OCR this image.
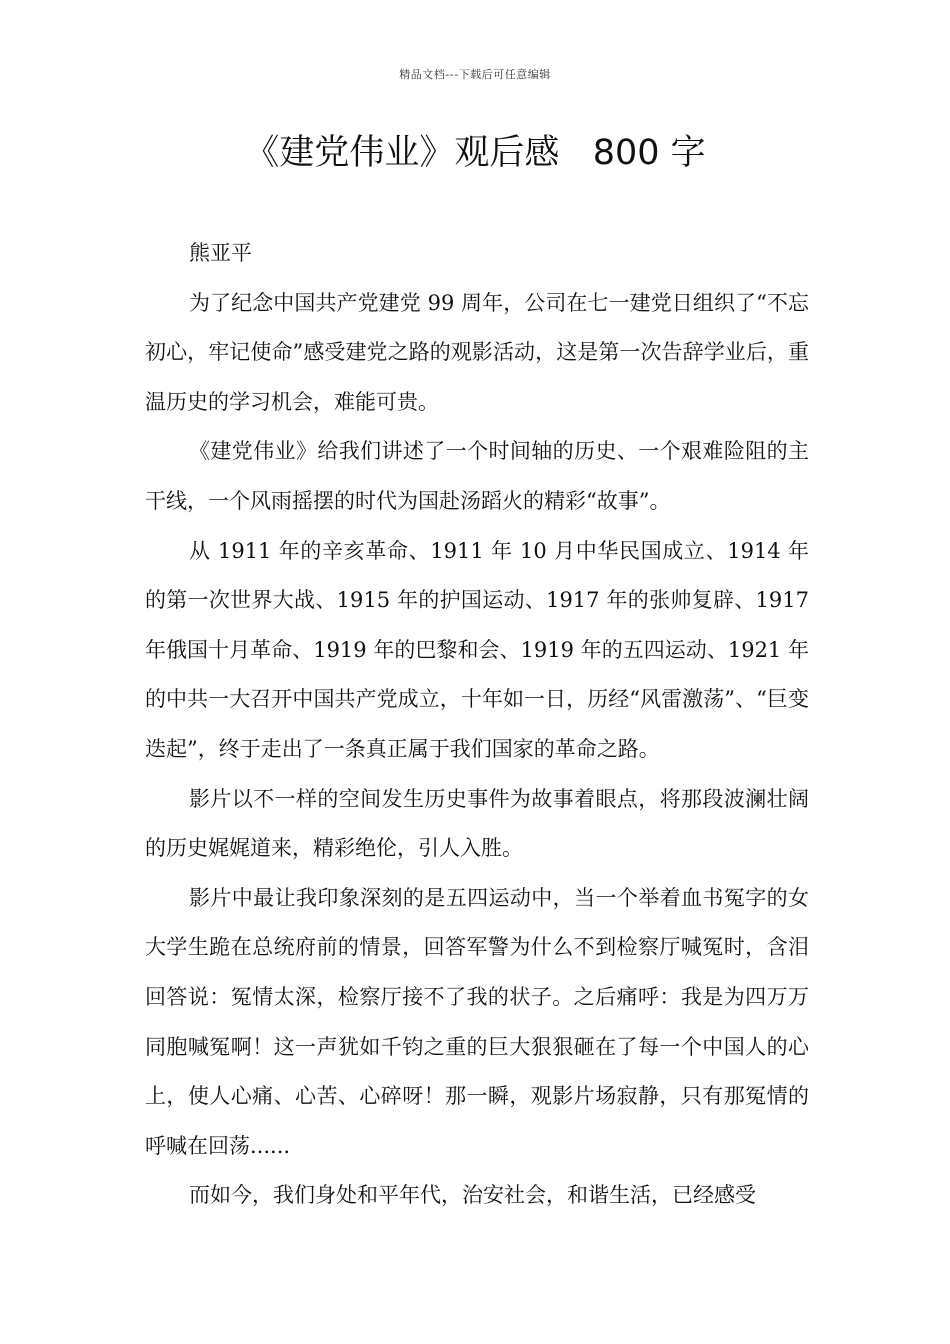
精品文档---下载后可任意编辑
《建党伟业》观后感   800 字

熊亚平

为了纪念中国共产党建党 99 周年，公司在七一建党日组织了“不忘初心，牢记使命”感受建党之路的观影活动，这是第一次告辞学业后，重温历史的学习机会，难能可贵。

《建党伟业》给我们讲述了一个时间轴的历史、一个艰难险阻的主干线，一个风雨摇摆的时代为国赴汤蹈火的精彩“故事”。

从 1911 年的辛亥革命、1911 年 10 月中华民国成立、1914 年的第一次世界大战、1915 年的护国运动、1917 年的张帅复辟、1917 年俄国十月革命、1919 年的巴黎和会、1919 年的五四运动、1921 年的中共一大召开中国共产党成立，十年如一日，历经“风雷激荡”、“巨变迭起”，终于走出了一条真正属于我们国家的革命之路。

影片以不一样的空间发生历史事件为故事着眼点，将那段波澜壮阔的历史娓娓道来，精彩绝伦，引人入胜。

影片中最让我印象深刻的是五四运动中，当一个举着血书冤字的女大学生跪在总统府前的情景，回答军警为什么不到检察厅喊冤时，含泪回答说：冤情太深，检察厅接不了我的状子。之后痛呼：我是为四万万同胞喊冤啊！这一声犹如千钧之重的巨大狠狠砸在了每一个中国人的心上，使人心痛、心苦、心碎呀！那一瞬，观影片场寂静，只有那冤情的呼喊在回荡......

而如今，我们身处和平年代，治安社会，和谐生活，已经感受
